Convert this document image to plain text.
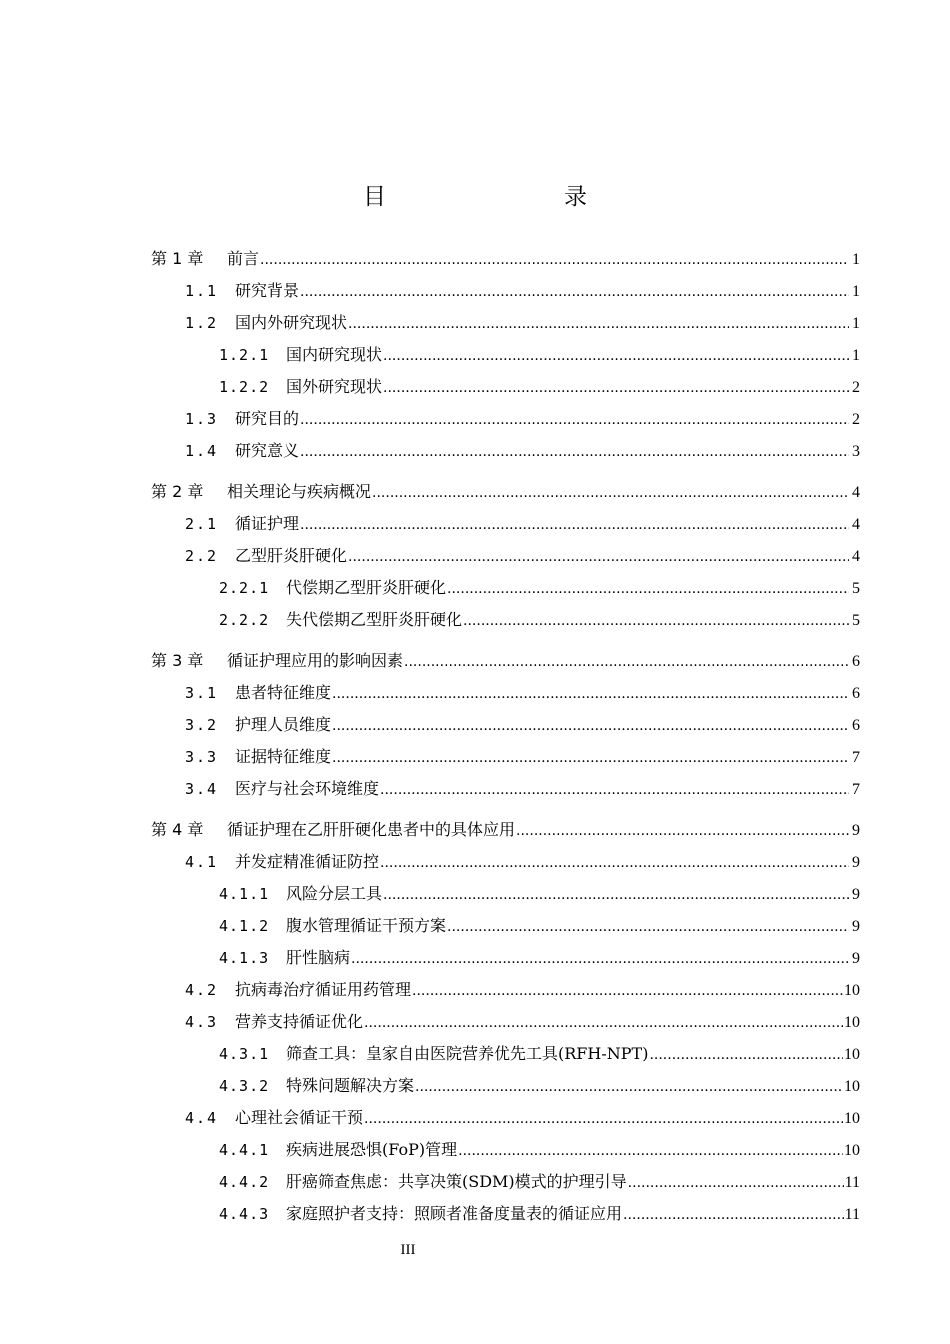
目　　录
第 1 章	前言 .....	1
1.1	研究背景 .....	1
1.2	国内外研究现状 .....	1
1.2.1	国内研究现状 .....	1
1.2.2	国外研究现状 .....	2
1.3	研究目的 .....	2
1.4	研究意义 .....	3
第 2 章	相关理论与疾病概况 .....	4
2.1	循证护理 .....	4
2.2	乙型肝炎肝硬化 .....	4
2.2.1	代偿期乙型肝炎肝硬化 .....	5
2.2.2	失代偿期乙型肝炎肝硬化 .....	5
第 3 章	循证护理应用的影响因素 .....	6
3.1	患者特征维度 .....	6
3.2	护理人员维度 .....	6
3.3	证据特征维度 .....	7
3.4	医疗与社会环境维度 .....	7
第 4 章	循证护理在乙肝肝硬化患者中的具体应用 .....	9
4.1	并发症精准循证防控 .....	9
4.1.1	风险分层工具 .....	9
4.1.2	腹水管理循证干预方案 .....	9
4.1.3	肝性脑病 .....	9
4.2	抗病毒治疗循证用药管理 .....	10
4.3	营养支持循证优化 .....	10
4.3.1	筛查工具：皇家自由医院营养优先工具(RFH-NPT) .....	10
4.3.2	特殊问题解决方案 .....	10
4.4	心理社会循证干预 .....	10
4.4.1	疾病进展恐惧(FoP)管理 .....	10
4.4.2	肝癌筛查焦虑：共享决策(SDM)模式的护理引导 .....	11
4.4.3	家庭照护者支持：照顾者准备度量表的循证应用 .....	11
III
